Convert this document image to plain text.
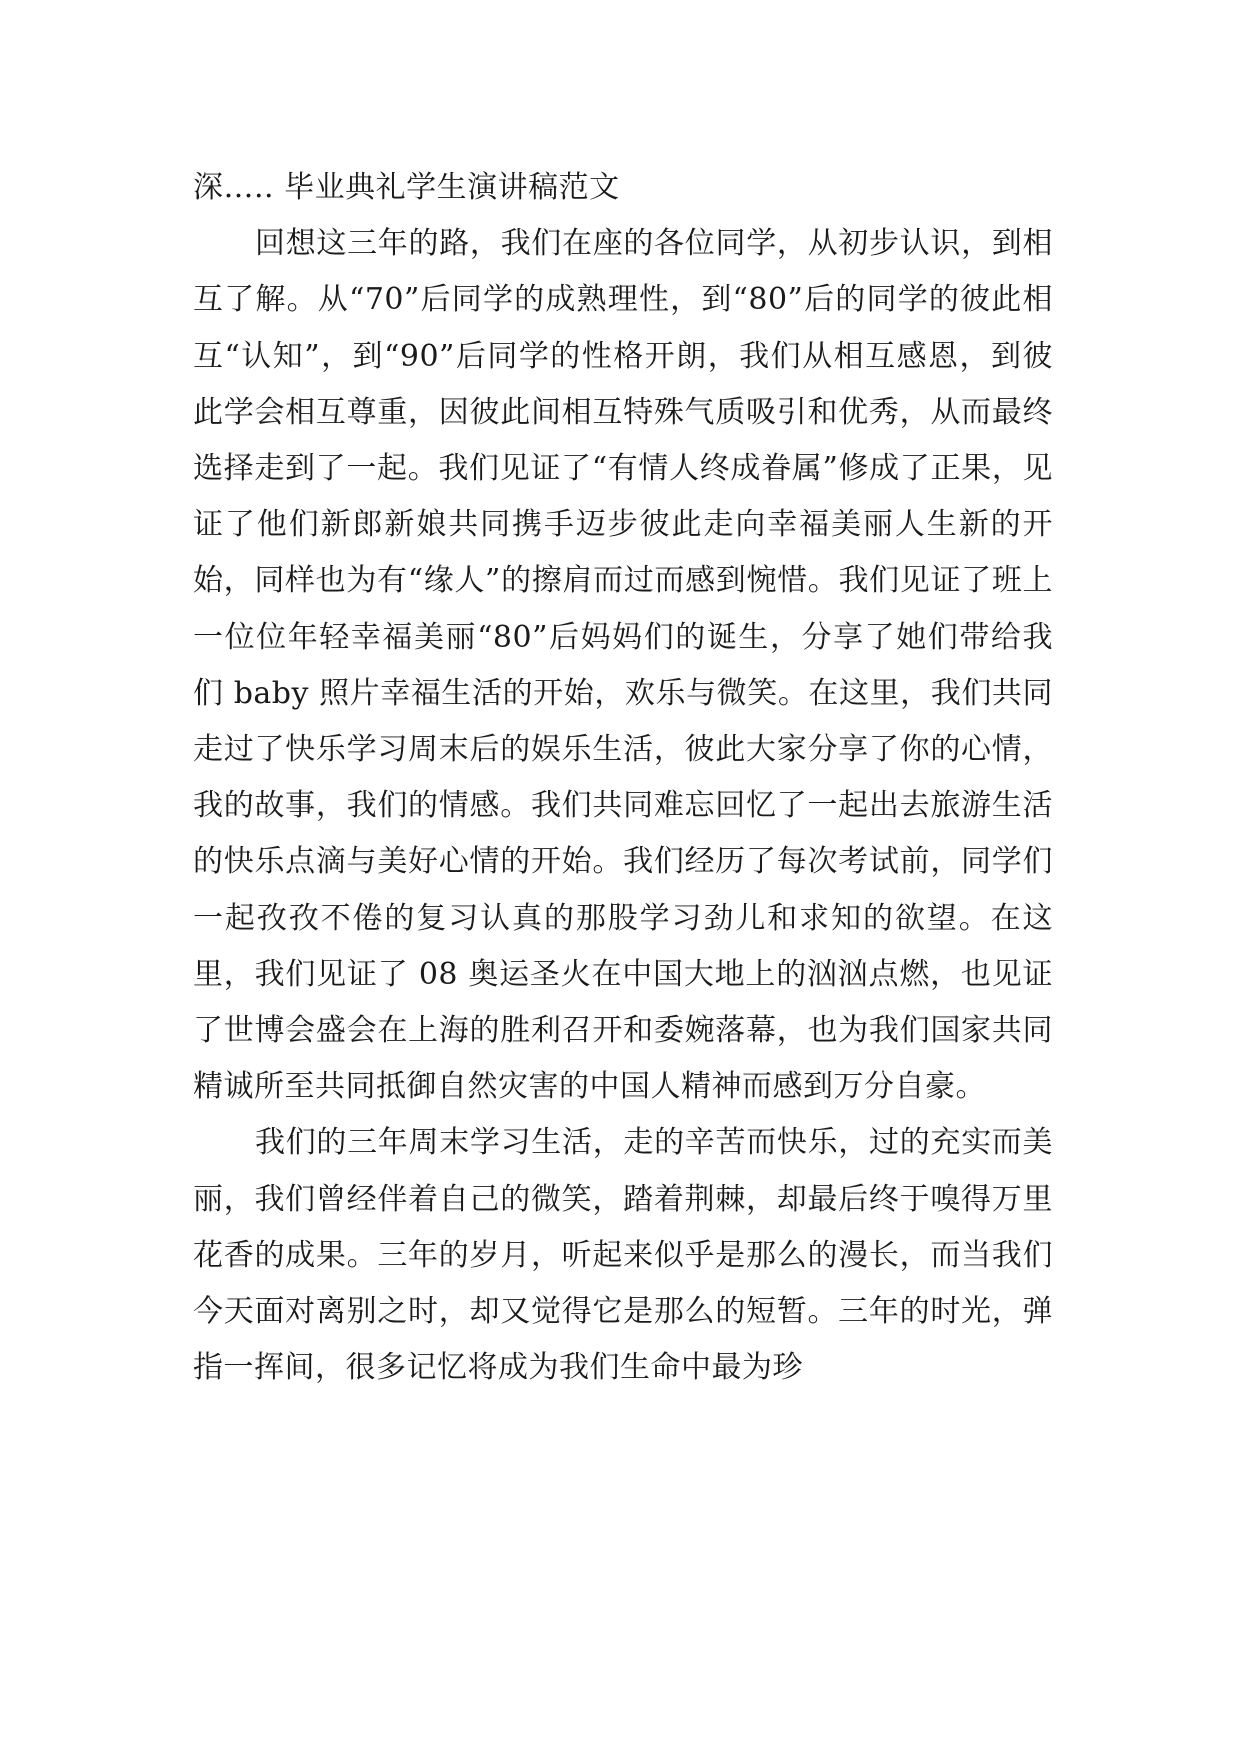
深….. 毕业典礼学生演讲稿范文

回想这三年的路，我们在座的各位同学，从初步认识，到相互了解。从“70”后同学的成熟理性，到“80”后的同学的彼此相互“认知”，到“90”后同学的性格开朗，我们从相互感恩，到彼此学会相互尊重，因彼此间相互特殊气质吸引和优秀，从而最终选择走到了一起。我们见证了“有情人终成眷属”修成了正果，见证了他们新郎新娘共同携手迈步彼此走向幸福美丽人生新的开始，同样也为有“缘人”的擦肩而过而感到惋惜。我们见证了班上一位位年轻幸福美丽“80”后妈妈们的诞生，分享了她们带给我们 baby 照片幸福生活的开始，欢乐与微笑。在这里，我们共同走过了快乐学习周末后的娱乐生活，彼此大家分享了你的心情，我的故事，我们的情感。我们共同难忘回忆了一起出去旅游生活的快乐点滴与美好心情的开始。我们经历了每次考试前，同学们一起孜孜不倦的复习认真的那股学习劲儿和求知的欲望。在这里，我们见证了 08 奥运圣火在中国大地上的汹汹点燃，也见证了世博会盛会在上海的胜利召开和委婉落幕，也为我们国家共同精诚所至共同抵御自然灾害的中国人精神而感到万分自豪。

我们的三年周末学习生活，走的辛苦而快乐，过的充实而美丽，我们曾经伴着自己的微笑，踏着荆棘，却最后终于嗅得万里花香的成果。三年的岁月，听起来似乎是那么的漫长，而当我们今天面对离别之时，却又觉得它是那么的短暂。三年的时光，弹指一挥间，很多记忆将成为我们生命中最为珍
